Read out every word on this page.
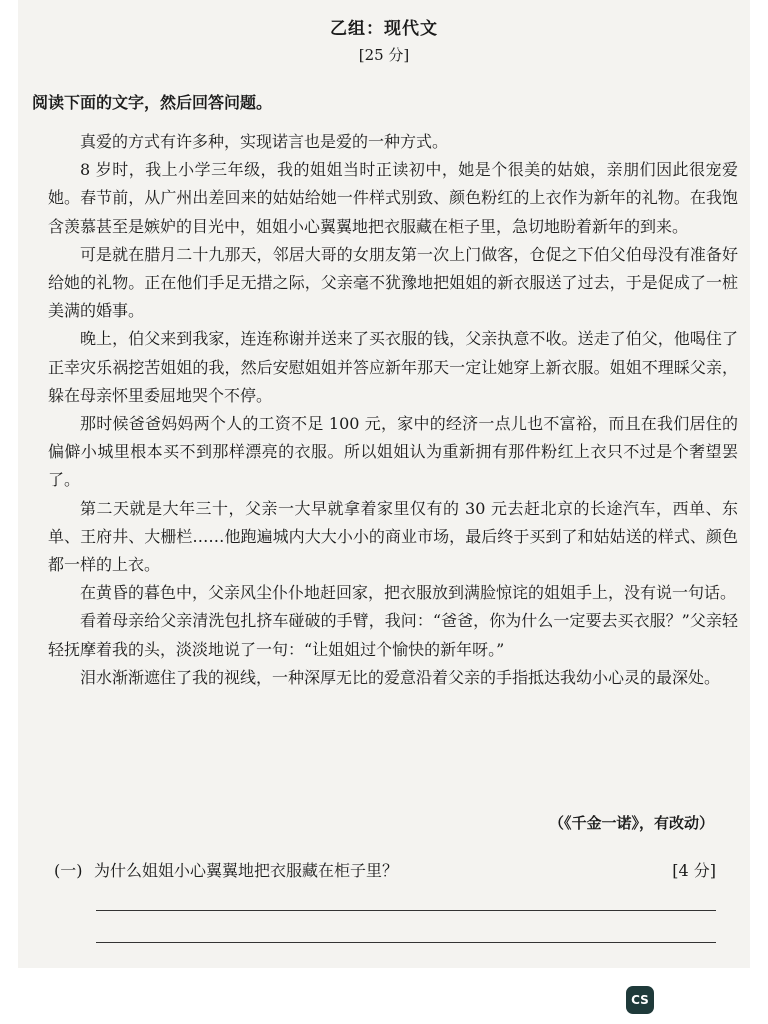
乙组：现代文
[25 分]
阅读下面的文字，然后回答问题。

真爱的方式有许多种，实现诺言也是爱的一种方式。

8 岁时，我上小学三年级，我的姐姐当时正读初中，她是个很美的姑娘，亲朋们因此很宠爱她。春节前，从广州出差回来的姑姑给她一件样式别致、颜色粉红的上衣作为新年的礼物。在我饱含羡慕甚至是嫉妒的目光中，姐姐小心翼翼地把衣服藏在柜子里，急切地盼着新年的到来。

可是就在腊月二十九那天，邻居大哥的女朋友第一次上门做客，仓促之下伯父伯母没有准备好给她的礼物。正在他们手足无措之际，父亲毫不犹豫地把姐姐的新衣服送了过去，于是促成了一桩美满的婚事。

晚上，伯父来到我家，连连称谢并送来了买衣服的钱，父亲执意不收。送走了伯父，他喝住了正幸灾乐祸挖苦姐姐的我，然后安慰姐姐并答应新年那天一定让她穿上新衣服。姐姐不理睬父亲，躲在母亲怀里委屈地哭个不停。

那时候爸爸妈妈两个人的工资不足 100 元，家中的经济一点儿也不富裕，而且在我们居住的偏僻小城里根本买不到那样漂亮的衣服。所以姐姐认为重新拥有那件粉红上衣只不过是个奢望罢了。

第二天就是大年三十，父亲一大早就拿着家里仅有的 30 元去赶北京的长途汽车，西单、东单、王府井、大栅栏……他跑遍城内大大小小的商业市场，最后终于买到了和姑姑送的样式、颜色都一样的上衣。

在黄昏的暮色中，父亲风尘仆仆地赶回家，把衣服放到满脸惊诧的姐姐手上，没有说一句话。

看着母亲给父亲清洗包扎挤车碰破的手臂，我问：“爸爸，你为什么一定要去买衣服？”父亲轻轻抚摩着我的头，淡淡地说了一句：“让姐姐过个愉快的新年呀。”

泪水渐渐遮住了我的视线，一种深厚无比的爱意沿着父亲的手指抵达我幼小心灵的最深处。

（《千金一诺》，有改动）
(一) 为什么姐姐小心翼翼地把衣服藏在柜子里？	[4 分]
CS
